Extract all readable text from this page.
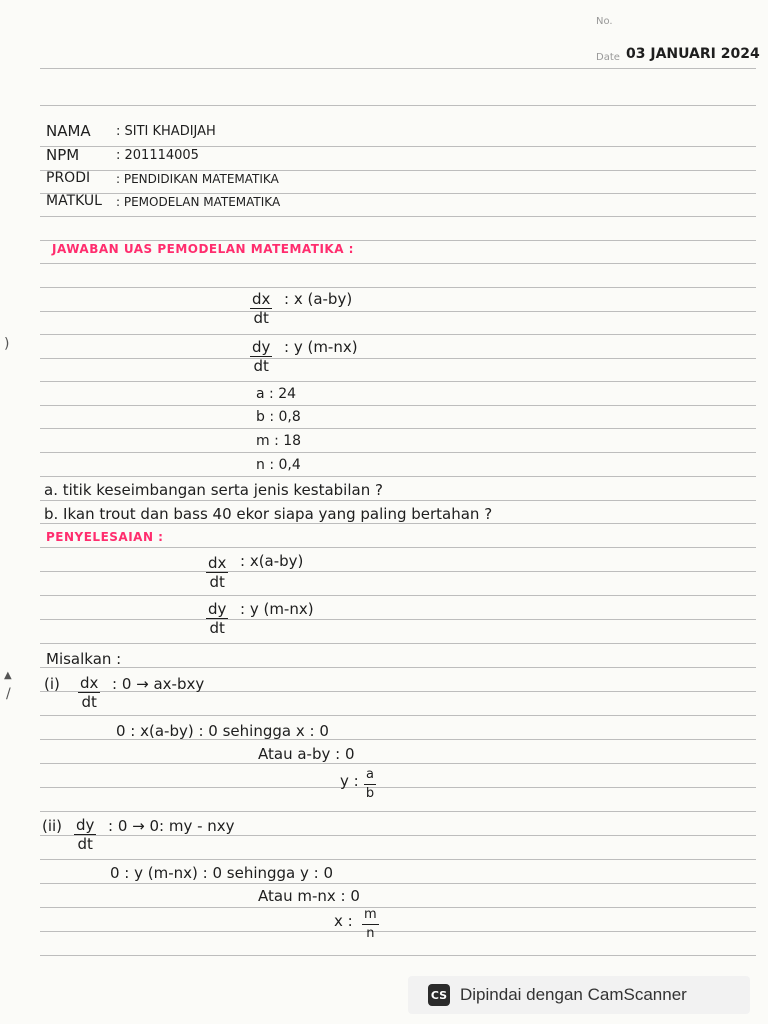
No.
Date 03 JANUARI 2024
NAMA : SITI KHADIJAH
NPM	: 201114005
PRODI : PENDIDIKAN MATEMATIKA
MATKUL : PEMODELAN MATEMATIKA
JAWABAN UAS PEMODELAN MATEMATIKA :
$\frac{dx}{dt}$ : x (a-by)
$\frac{dy}{dt}$ : y (m-nx)
a : 24
b : 0,8
m : 18
n : 0,4
a. titik keseimbangan serta jenis kestabilan ?
b. Ikan trout dan bass 40 ekor siapa yang paling bertahan ?
PENYELESAIAN :
$\frac{dx}{dt}$ : x(a-by)
$\frac{dy}{dt}$ : y (m-nx)
Misalkan :
$(i) \frac{dx}{dt}$ : 0 → ax-bxy
0 : x(a-by) : 0 sehingga x : 0
Atau a-by : 0
y : $\frac{a}{b}$
$(ii) \frac{dy}{dt}$ : 0 → 0: my - nxy
0 : y (m-nx) : 0 sehingga y : 0
Atau m-nx : 0
x : $\frac{m}{n}$
)
▲
/
CS Dipindai dengan CamScanner
